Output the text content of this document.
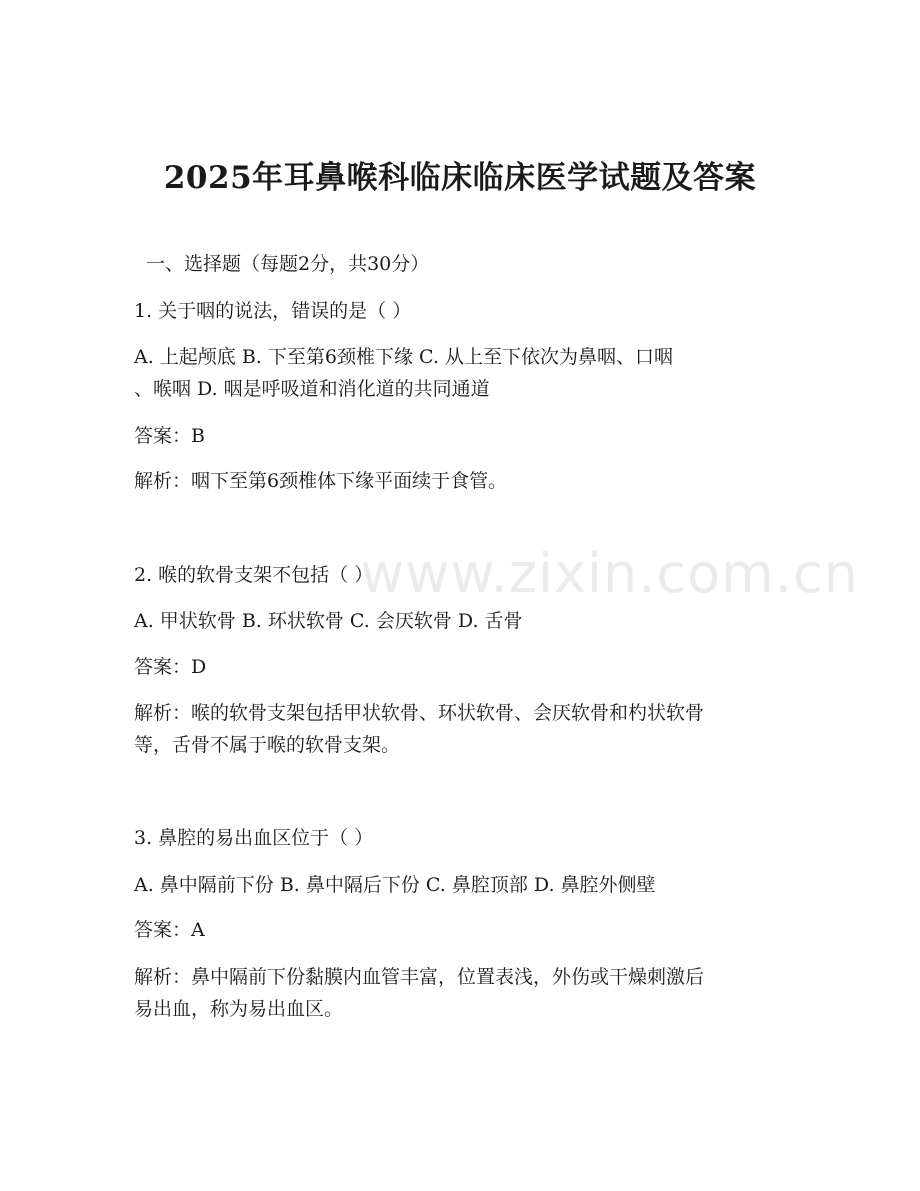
www.zixin.com.cn
2025年耳鼻喉科临床临床医学试题及答案
一、选择题（每题2分，共30分）
1. 关于咽的说法，错误的是（ ）
A. 上起颅底 B. 下至第6颈椎下缘 C. 从上至下依次为鼻咽、口咽
、喉咽 D. 咽是呼吸道和消化道的共同通道
答案：B
解析：咽下至第6颈椎体下缘平面续于食管。
2. 喉的软骨支架不包括（ ）
A. 甲状软骨 B. 环状软骨 C. 会厌软骨 D. 舌骨
答案：D
解析：喉的软骨支架包括甲状软骨、环状软骨、会厌软骨和杓状软骨
等，舌骨不属于喉的软骨支架。
3. 鼻腔的易出血区位于（ ）
A. 鼻中隔前下份 B. 鼻中隔后下份 C. 鼻腔顶部 D. 鼻腔外侧壁
答案：A
解析：鼻中隔前下份黏膜内血管丰富，位置表浅，外伤或干燥刺激后
易出血，称为易出血区。
